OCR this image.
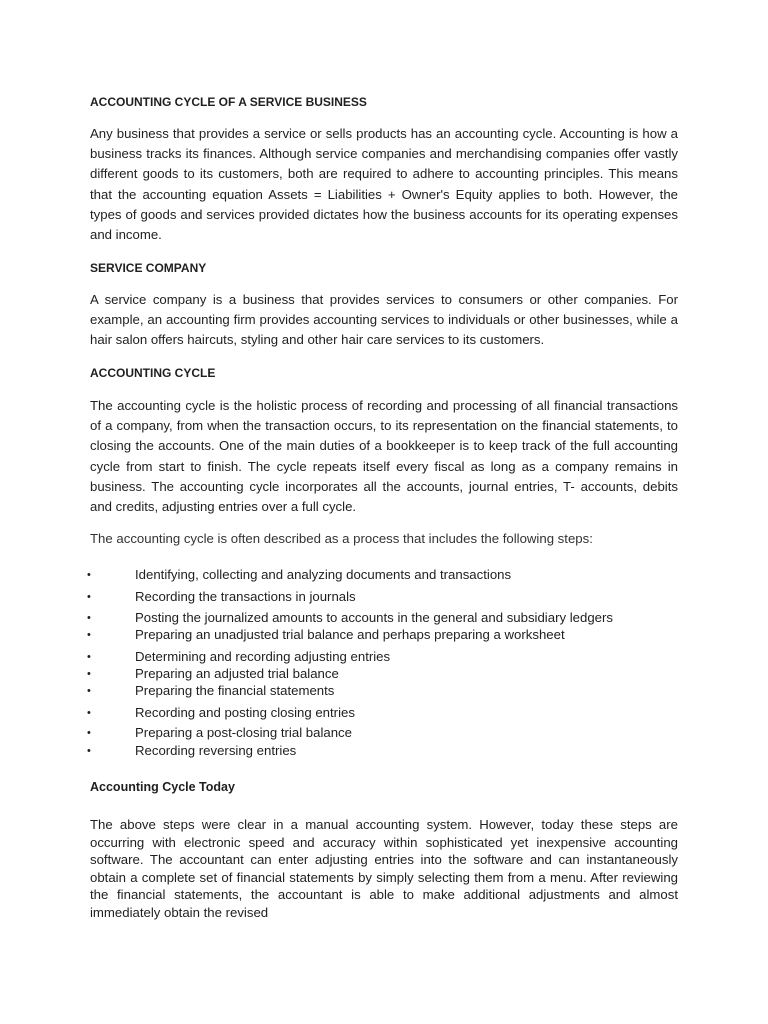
ACCOUNTING CYCLE OF A SERVICE BUSINESS

Any business that provides a service or sells products has an accounting cycle. Accounting is how a business tracks its finances. Although service companies and merchandising companies offer vastly different goods to its customers, both are required to adhere to accounting principles. This means that the accounting equation Assets = Liabilities + Owner's Equity applies to both. However, the types of goods and services provided dictates how the business accounts for its operating expenses and income.

SERVICE COMPANY

A service company is a business that provides services to consumers or other companies. For example, an accounting firm provides accounting services to individuals or other businesses, while a hair salon offers haircuts, styling and other hair care services to its customers.

ACCOUNTING CYCLE

The accounting cycle is the holistic process of recording and processing of all financial transactions of a company, from when the transaction occurs, to its representation on the financial statements, to closing the accounts. One of the main duties of a bookkeeper is to keep track of the full accounting cycle from start to finish. The cycle repeats itself every fiscal as long as a company remains in business. The accounting cycle incorporates all the accounts, journal entries, T- accounts, debits and credits, adjusting entries over a full cycle.

The accounting cycle is often described as a process that includes the following steps:

•	Identifying, collecting and analyzing documents and transactions
•	Recording the transactions in journals
•	Posting the journalized amounts to accounts in the general and subsidiary ledgers
•	Preparing an unadjusted trial balance and perhaps preparing a worksheet
•	Determining and recording adjusting entries
•	Preparing an adjusted trial balance
•	Preparing the financial statements
•	Recording and posting closing entries
•	Preparing a post-closing trial balance
•	Recording reversing entries
Accounting Cycle Today

The above steps were clear in a manual accounting system. However, today these steps are occurring with electronic speed and accuracy within sophisticated yet inexpensive accounting software. The accountant can enter adjusting entries into the software and can instantaneously obtain a complete set of financial statements by simply selecting them from a menu. After reviewing the financial statements, the accountant is able to make additional adjustments and almost immediately obtain the revised
